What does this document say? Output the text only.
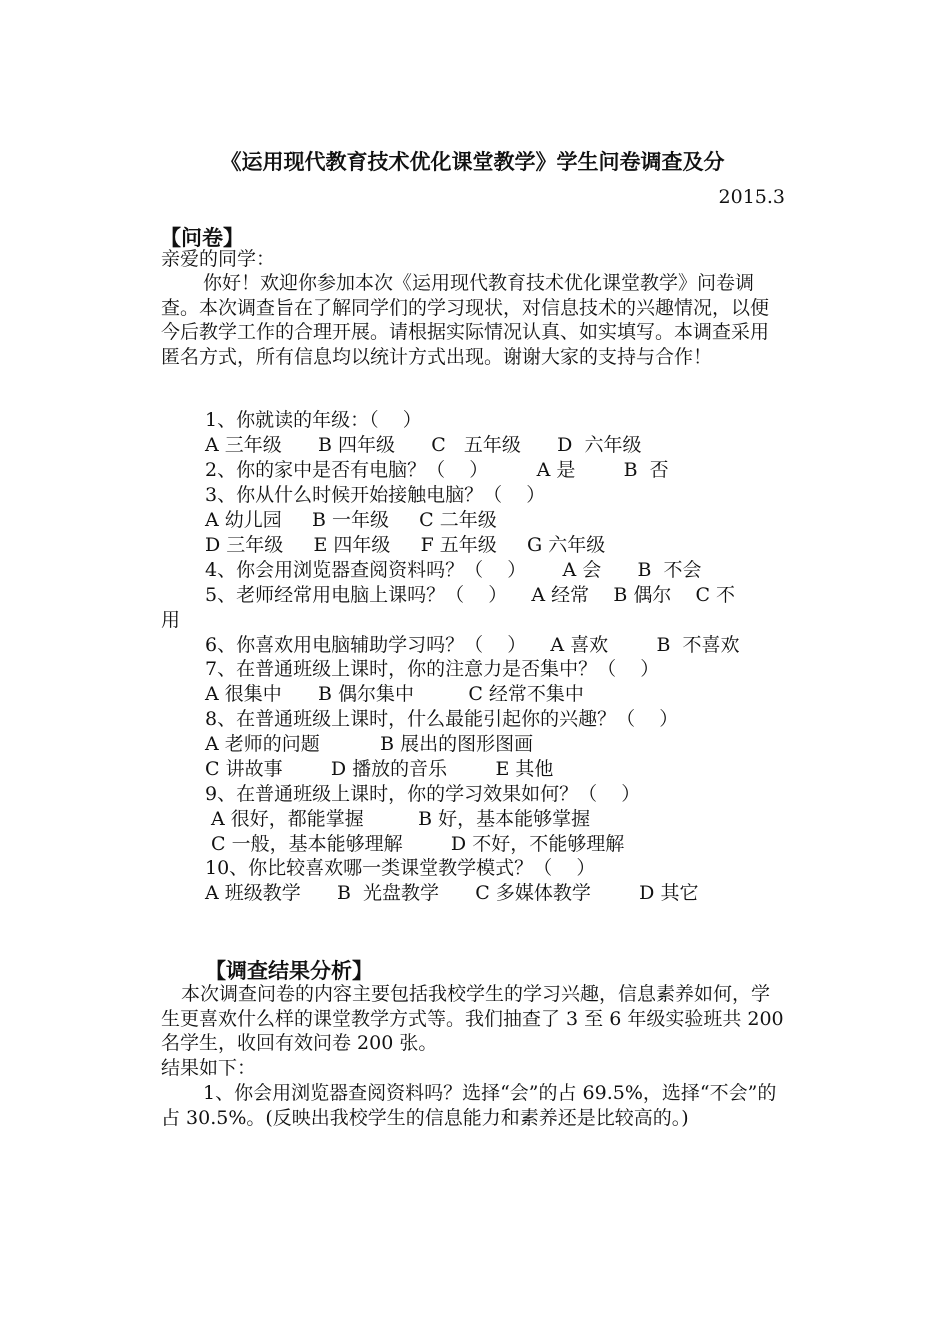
《运用现代教育技术优化课堂教学》学生问卷调查及分
2015.3
【问卷】
亲爱的同学：
你好！欢迎你参加本次《运用现代教育技术优化课堂教学》问卷调查。本次调查旨在了解同学们的学习现状，对信息技术的兴趣情况，以便今后教学工作的合理开展。请根据实际情况认真、如实填写。本调查采用匿名方式，所有信息均以统计方式出现。谢谢大家的支持与合作！
1、你就读的年级：（    ）
A 三年级      B 四年级      C   五年级      D  六年级
2、你的家中是否有电脑？（    ）        A 是        B  否
3、你从什么时候开始接触电脑？（    ）
A 幼儿园     B 一年级     C 二年级
D 三年级     E 四年级     F 五年级     G 六年级
4、你会用浏览器查阅资料吗？（    ）      A 会      B  不会
5、老师经常用电脑上课吗？（    ）    A 经常    B 偶尔    C 不
用
6、你喜欢用电脑辅助学习吗？（    ）    A 喜欢        B  不喜欢
7、在普通班级上课时，你的注意力是否集中？（    ）
A 很集中      B 偶尔集中         C 经常不集中
8、在普通班级上课时，什么最能引起你的兴趣？（    ）
A 老师的问题          B 展出的图形图画
C 讲故事        D 播放的音乐        E 其他
9、在普通班级上课时，你的学习效果如何？（    ）
A 很好，都能掌握         B 好，基本能够掌握
C 一般，基本能够理解        D 不好，不能够理解
10、你比较喜欢哪一类课堂教学模式？（    ）
A 班级教学      B  光盘教学      C 多媒体教学        D 其它
【调查结果分析】
本次调查问卷的内容主要包括我校学生的学习兴趣，信息素养如何，学生更喜欢什么样的课堂教学方式等。我们抽查了 3 至 6 年级实验班共 200 名学生，收回有效问卷 200 张。
结果如下：
1、你会用浏览器查阅资料吗？选择“会”的占 69.5%，选择“不会”的占 30.5%。(反映出我校学生的信息能力和素养还是比较高的。)
